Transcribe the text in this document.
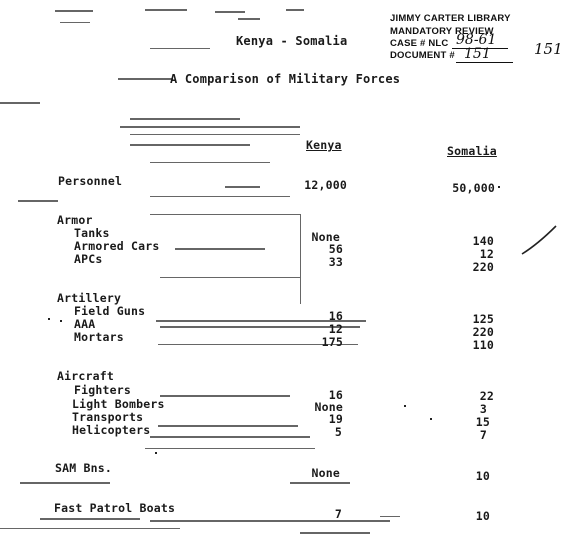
JIMMY CARTER LIBRARY
MANDATORY REVIEW
CASE # NLC 98-61
DOCUMENT # 151	151
Kenya - Somalia
A Comparison of Military Forces
Kenya	Somalia
Personnel	12,000	50,000
Armor
Tanks	None	140
Armored Cars	56	12
APCs	33	220
Artillery
Field Guns	16	125
AAA	12	220
Mortars	175	110
Aircraft
Fighters	16	22
Light Bombers	None	3
Transports	19	15
Helicopters	5	7
SAM Bns.	None	10
Fast Patrol Boats	7	10
